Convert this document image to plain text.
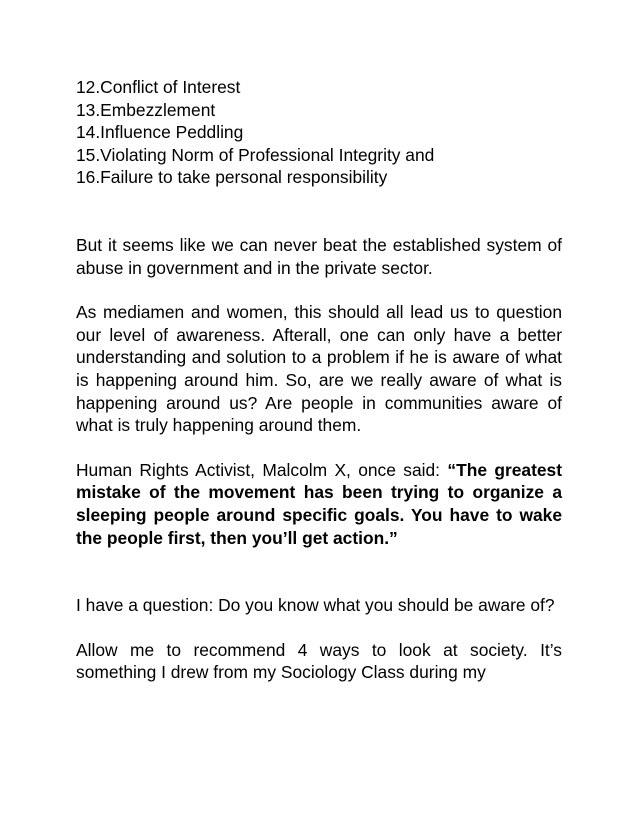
12.Conflict of Interest
13.Embezzlement
14.Influence Peddling
15.Violating Norm of Professional Integrity and
16.Failure to take personal responsibility

But it seems like we can never beat the established system of abuse in government and in the private sector.

As mediamen and women, this should all lead us to question our level of awareness. Afterall, one can only have a better understanding and solution to a problem if he is aware of what is happening around him. So, are we really aware of what is happening around us? Are people in communities aware of what is truly happening around them.

Human Rights Activist, Malcolm X, once said: “The greatest mistake of the movement has been trying to organize a sleeping people around specific goals. You have to wake the people first, then you’ll get action.”

I have a question: Do you know what you should be aware of?

Allow me to recommend 4 ways to look at society. It’s something I drew from my Sociology Class during my
